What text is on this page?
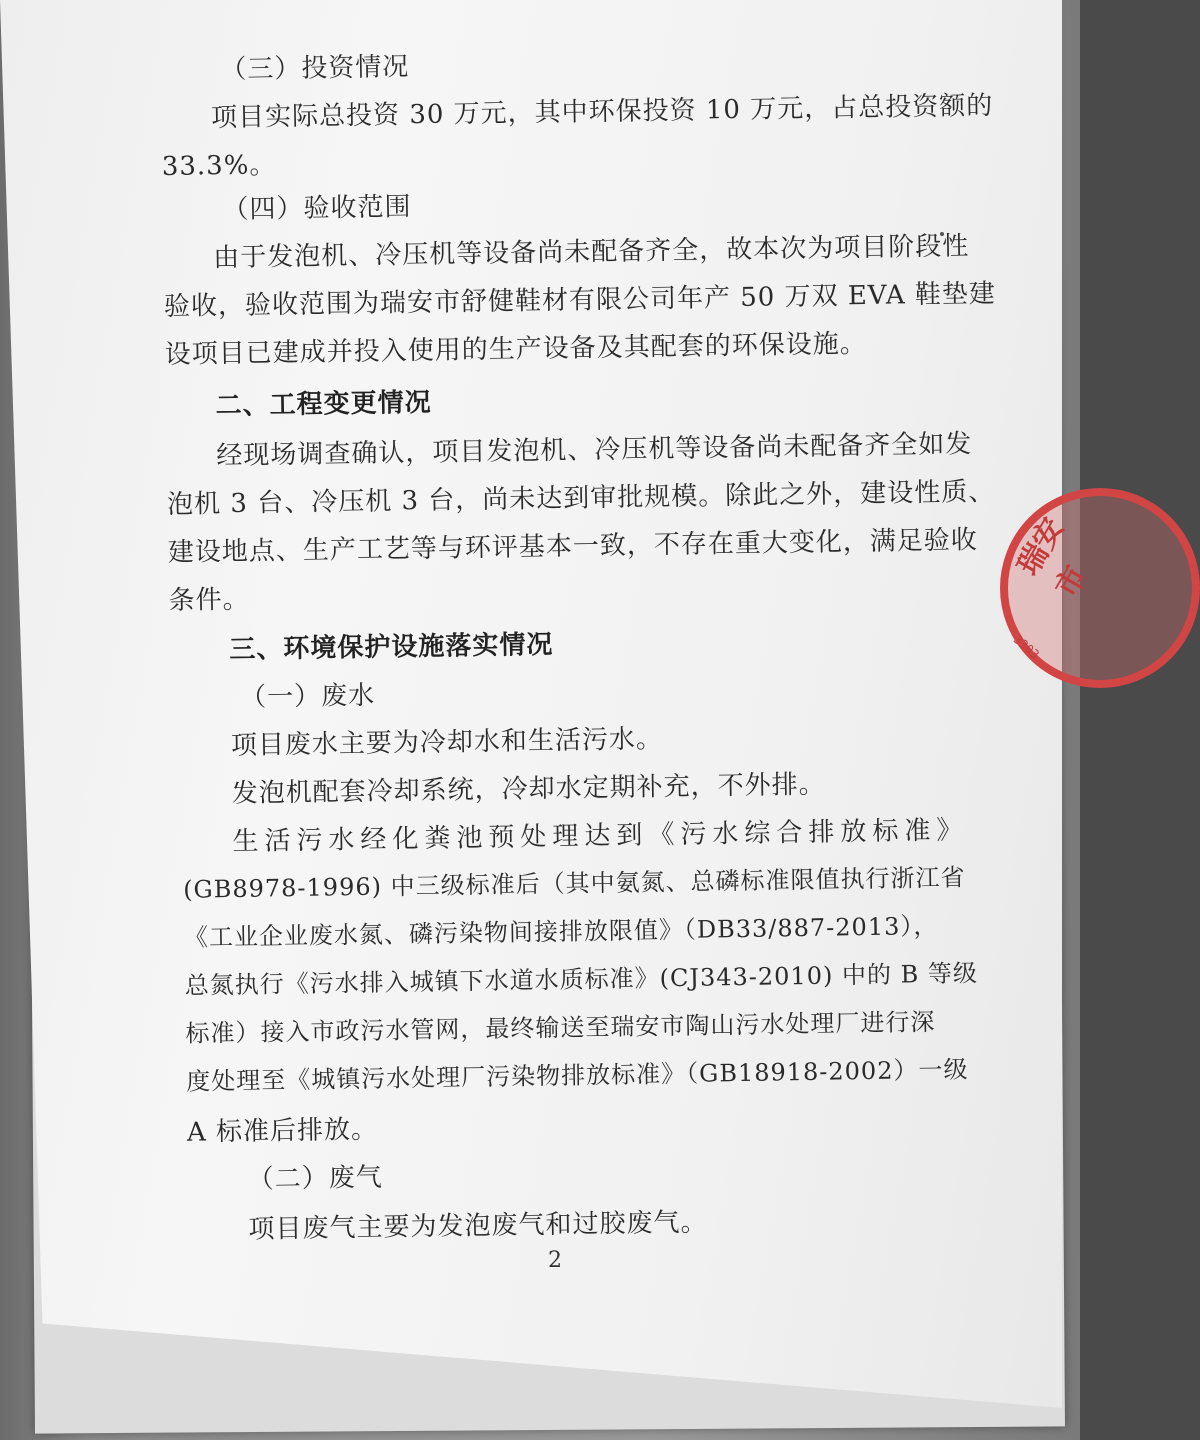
（三）投资情况
项目实际总投资 30 万元，其中环保投资 10 万元，占总投资额的
33.3%。
（四）验收范围
由于发泡机、冷压机等设备尚未配备齐全，故本次为项目阶段性
验收，验收范围为瑞安市舒健鞋材有限公司年产 50 万双 EVA 鞋垫建
设项目已建成并投入使用的生产设备及其配套的环保设施。
二、工程变更情况
经现场调查确认，项目发泡机、冷压机等设备尚未配备齐全如发
泡机 3 台、冷压机 3 台，尚未达到审批规模。除此之外，建设性质、
建设地点、生产工艺等与环评基本一致，不存在重大变化，满足验收
条件。
三、环境保护设施落实情况
（一）废水
项目废水主要为冷却水和生活污水。
发泡机配套冷却系统，冷却水定期补充，不外排。
生活污水经化粪池预处理达到《污水综合排放标准》
(GB8978-1996) 中三级标准后（其中氨氮、总磷标准限值执行浙江省
《工业企业废水氮、磷污染物间接排放限值》（DB33/887-2013），
总氮执行《污水排入城镇下水道水质标准》(CJ343-2010) 中的 B 等级
标准）接入市政污水管网，最终输送至瑞安市陶山污水处理厂进行深
度处理至《城镇污水处理厂污染物排放标准》（GB18918-2002）一级
A 标准后排放。
（二）废气
项目废气主要为发泡废气和过胶废气。
2
瑞安市
3303
